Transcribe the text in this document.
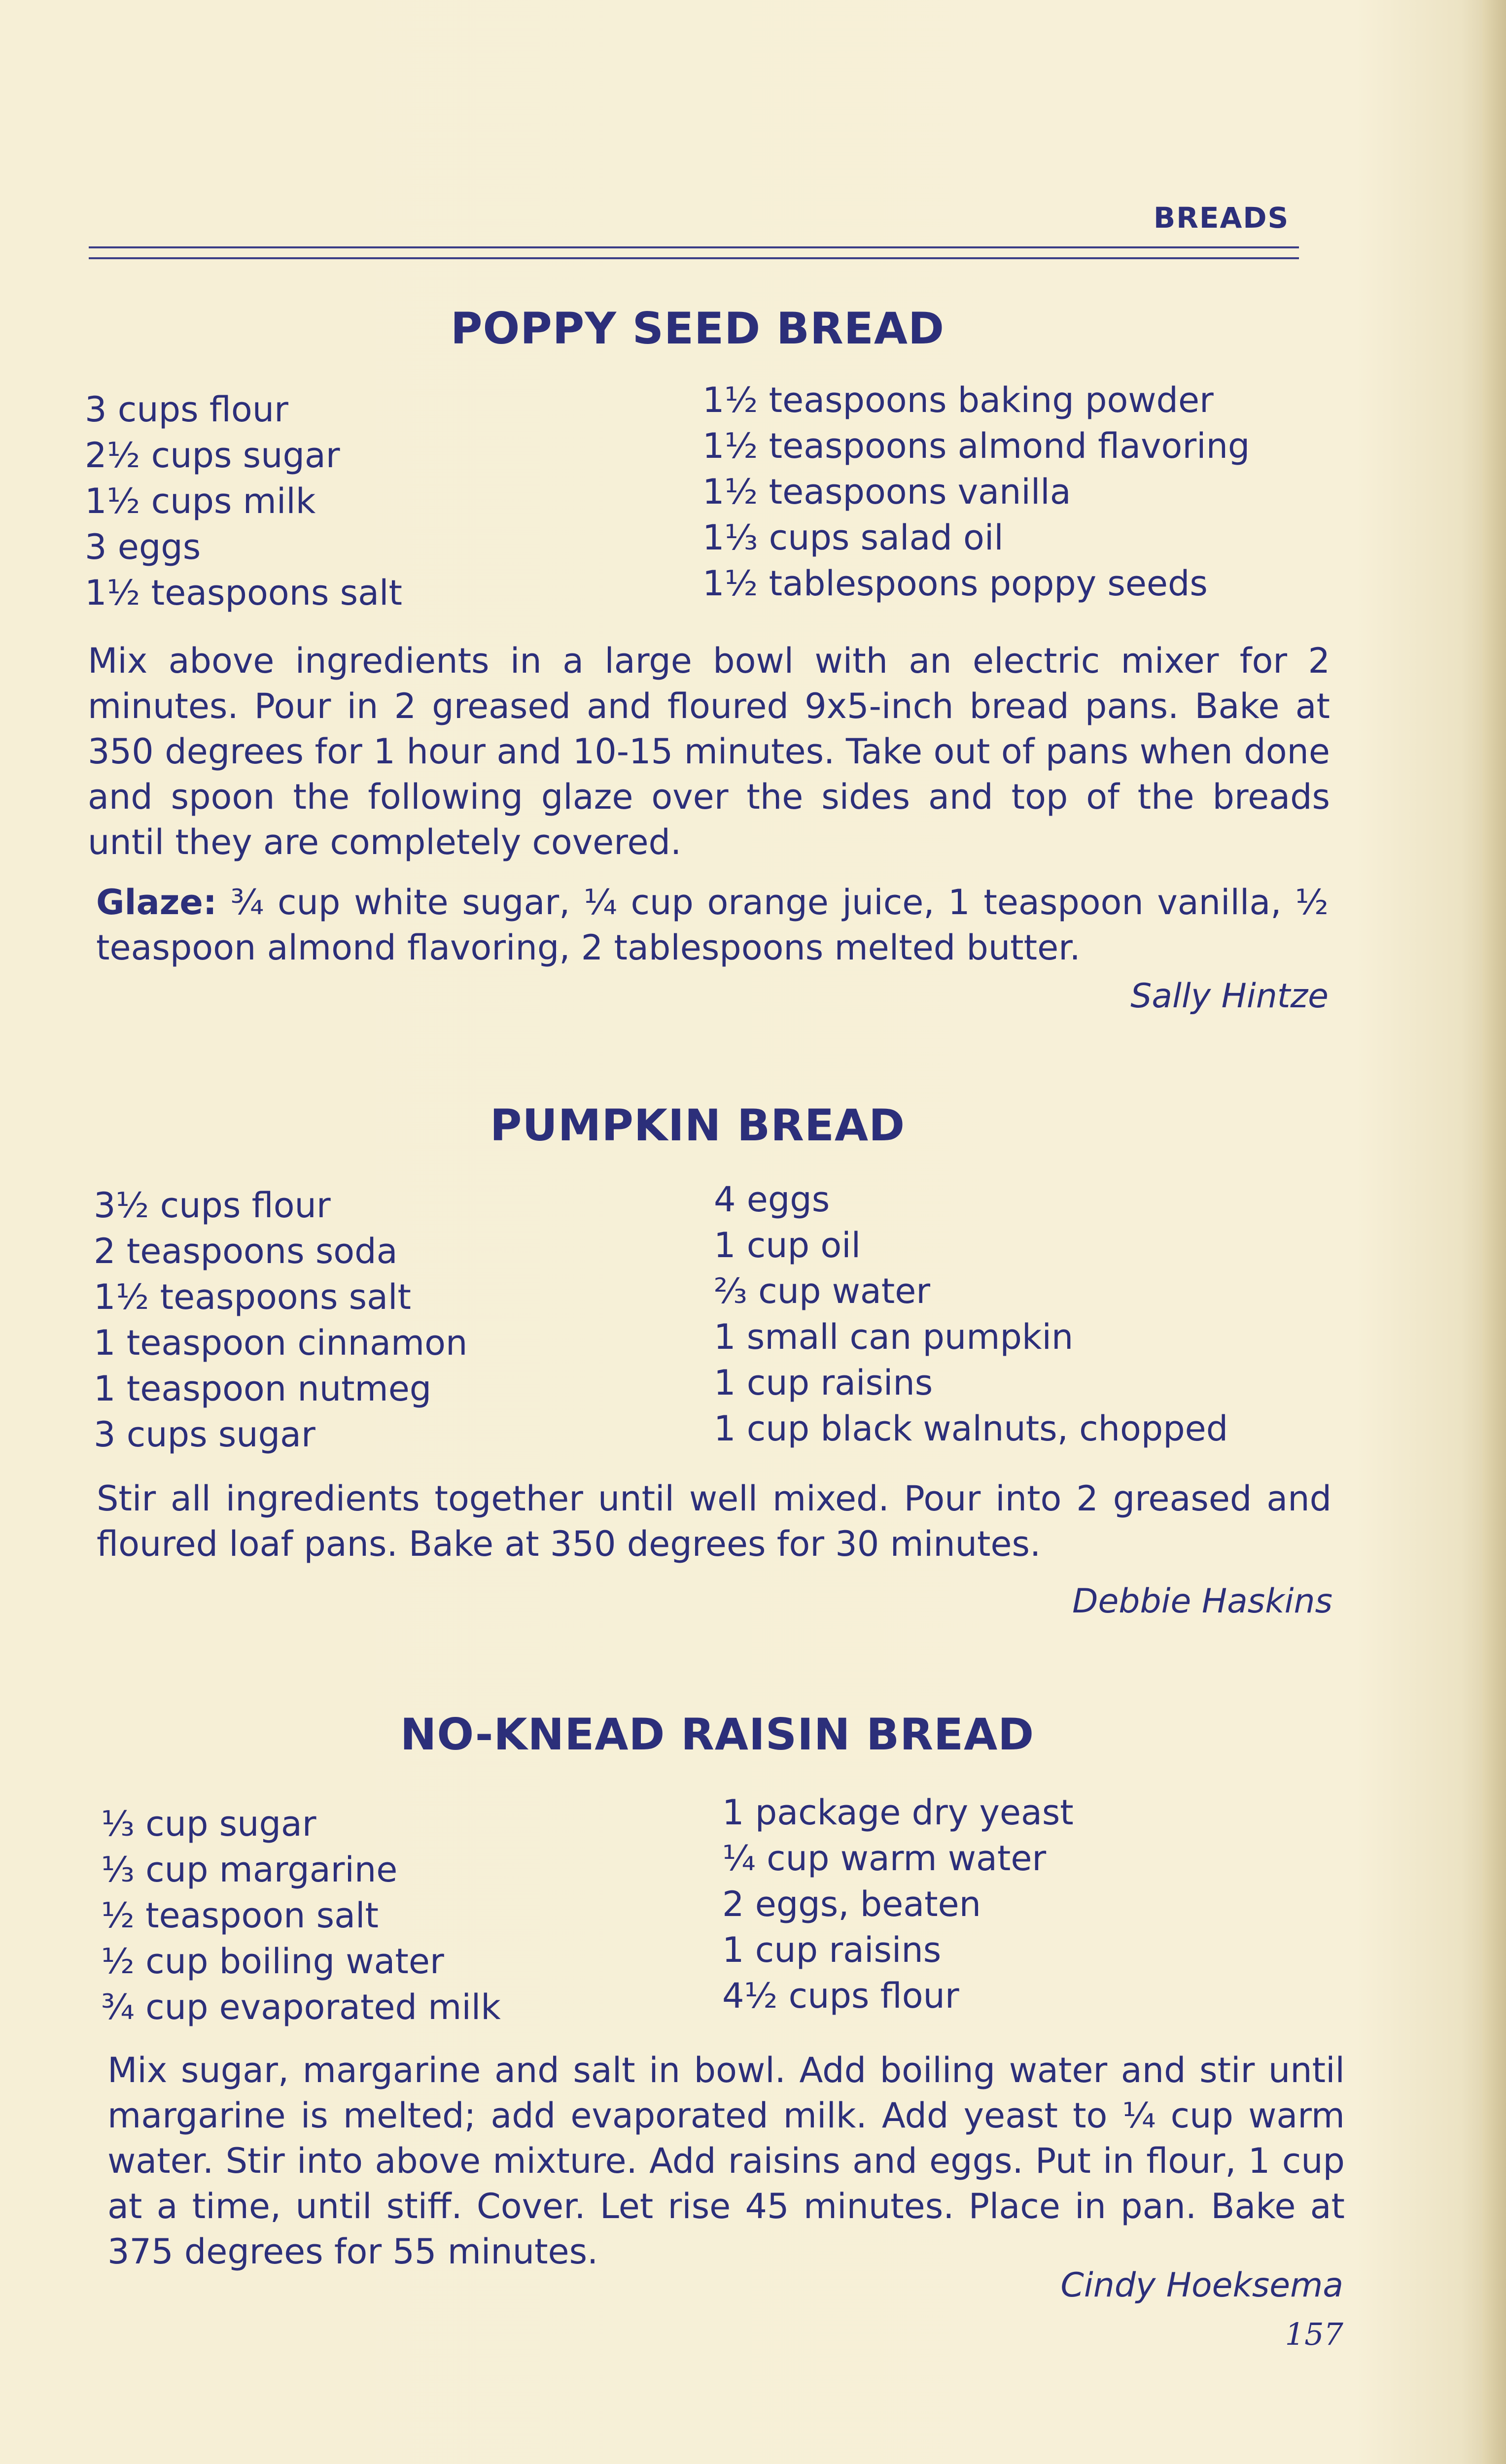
BREADS
POPPY SEED BREAD
3 cups flour
2½ cups sugar
1½ cups milk
3 eggs
1½ teaspoons salt
1½ teaspoons baking powder
1½ teaspoons almond flavoring
1½ teaspoons vanilla
1⅓ cups salad oil
1½ tablespoons poppy seeds

Mix above ingredients in a large bowl with an electric mixer for 2 minutes. Pour in 2 greased and floured 9x5-inch bread pans. Bake at 350 degrees for 1 hour and 10-15 minutes. Take out of pans when done and spoon the following glaze over the sides and top of the breads until they are completely covered.

Glaze: ¾ cup white sugar, ¼ cup orange juice, 1 teaspoon vanilla, ½ teaspoon almond flavoring, 2 tablespoons melted butter.

Sally Hintze
PUMPKIN BREAD
3½ cups flour
2 teaspoons soda
1½ teaspoons salt
1 teaspoon cinnamon
1 teaspoon nutmeg
3 cups sugar
4 eggs
1 cup oil
⅔ cup water
1 small can pumpkin
1 cup raisins
1 cup black walnuts, chopped

Stir all ingredients together until well mixed. Pour into 2 greased and floured loaf pans. Bake at 350 degrees for 30 minutes.

Debbie Haskins
NO-KNEAD RAISIN BREAD
⅓ cup sugar
⅓ cup margarine
½ teaspoon salt
½ cup boiling water
¾ cup evaporated milk
1 package dry yeast
¼ cup warm water
2 eggs, beaten
1 cup raisins
4½ cups flour

Mix sugar, margarine and salt in bowl. Add boiling water and stir until margarine is melted; add evaporated milk. Add yeast to ¼ cup warm water. Stir into above mixture. Add raisins and eggs. Put in flour, 1 cup at a time, until stiff. Cover. Let rise 45 minutes. Place in pan. Bake at 375 degrees for 55 minutes.

Cindy Hoeksema
157
